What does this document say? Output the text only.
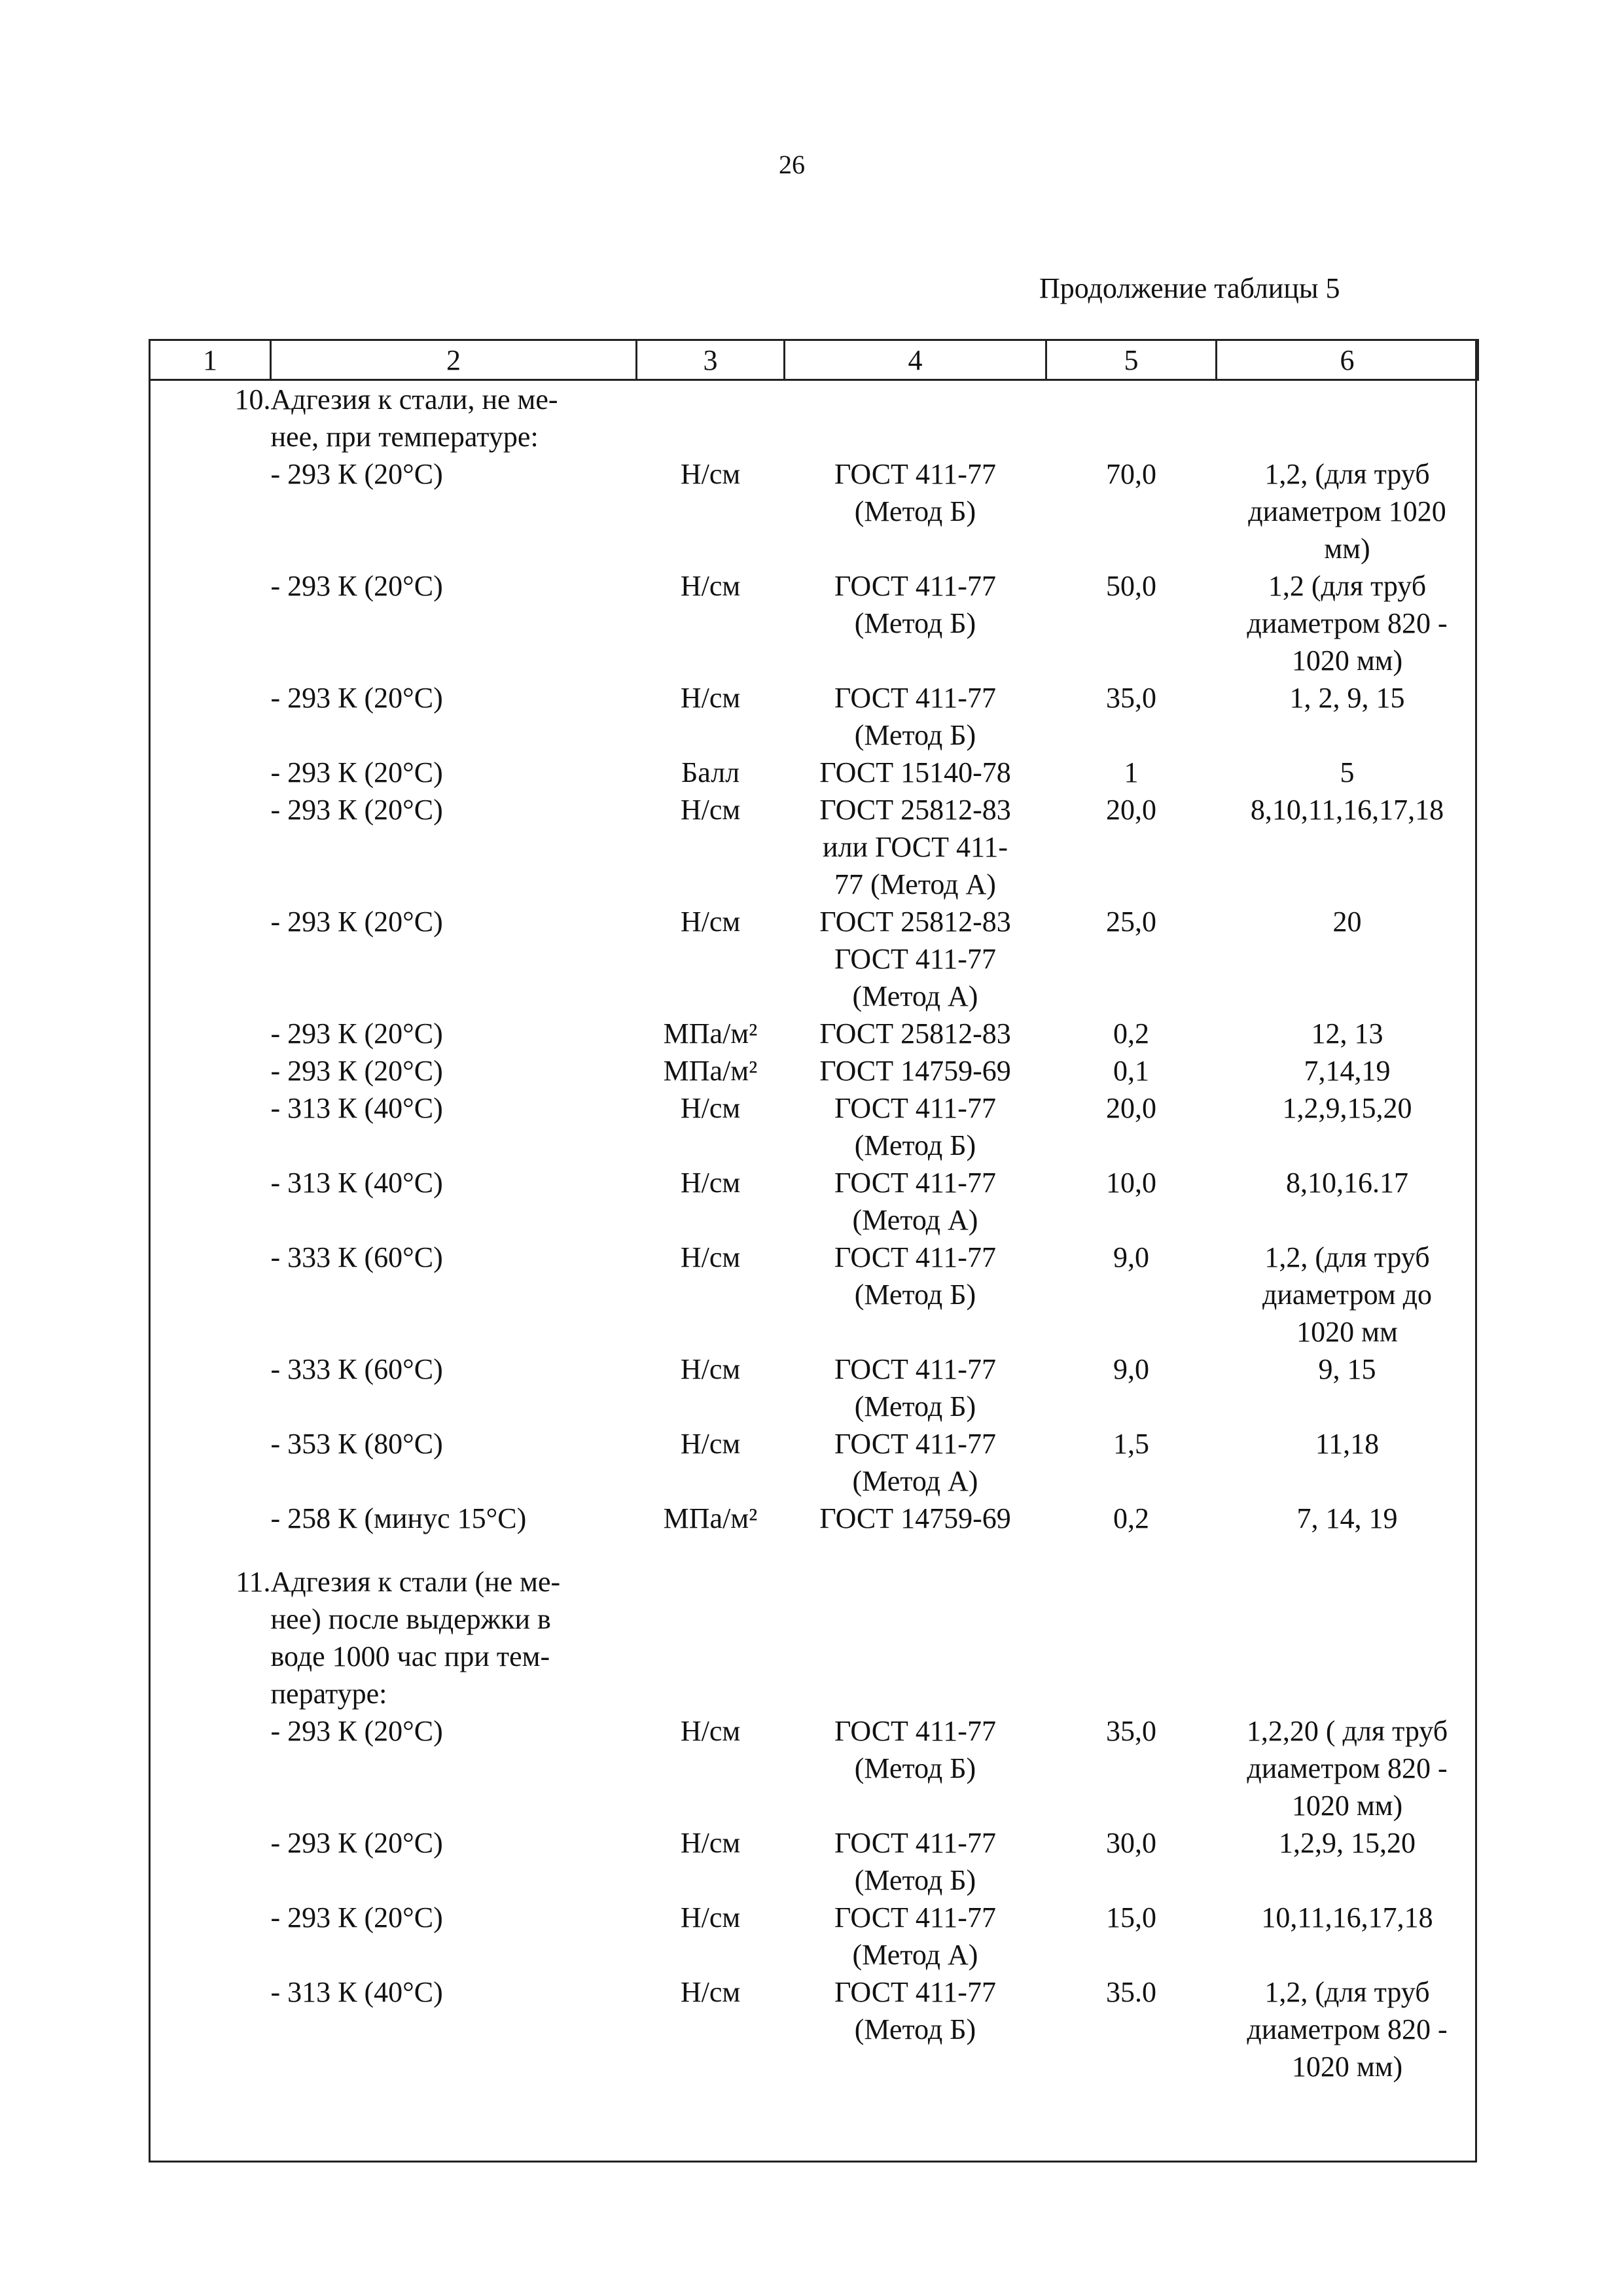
26
Продолжение таблицы 5
1	2	3	4	5	6

10.	Адгезия к стали, не ме-
нее, при температуре:				

	- 293 К (20°С)	Н/см	ГОСТ 411-77
(Метод Б)	70,0	1,2, (для труб
диаметром 1020
мм)

	- 293 К (20°С)	Н/см	ГОСТ 411-77
(Метод Б)	50,0	1,2 (для труб
диаметром 820 -
1020 мм)

	- 293 К (20°С)	Н/см	ГОСТ 411-77
(Метод Б)	35,0	1, 2, 9, 15

	- 293 К (20°С)	Балл	ГОСТ 15140-78	1	5

	- 293 К (20°С)	Н/см	ГОСТ 25812-83
или ГОСТ 411-
77 (Метод А)	20,0	8,10,11,16,17,18

	- 293 К (20°С)	Н/см	ГОСТ 25812-83
ГОСТ 411-77
(Метод А)	25,0	20

	- 293 К (20°С)	МПа/м²	ГОСТ 25812-83	0,2	12, 13

	- 293 К (20°С)	МПа/м²	ГОСТ 14759-69	0,1	7,14,19

	- 313 К (40°С)	Н/см	ГОСТ 411-77
(Метод Б)	20,0	1,2,9,15,20

	- 313 К (40°С)	Н/см	ГОСТ 411-77
(Метод А)	10,0	8,10,16.17

	- 333 К (60°С)	Н/см	ГОСТ 411-77
(Метод Б)	9,0	1,2, (для труб
диаметром до
1020 мм

	- 333 К (60°С)	Н/см	ГОСТ 411-77
(Метод Б)	9,0	9, 15

	- 353 К (80°С)	Н/см	ГОСТ 411-77
(Метод А)	1,5	11,18

	- 258 К (минус 15°С)	МПа/м²	ГОСТ 14759-69	0,2	7, 14, 19

11.	Адгезия к стали (не ме-
нее) после выдержки в
воде 1000 час при тем-
пературе:				

	- 293 К (20°С)	Н/см	ГОСТ 411-77
(Метод Б)	35,0	1,2,20 ( для труб
диаметром 820 -
1020 мм)

	- 293 К (20°С)	Н/см	ГОСТ 411-77
(Метод Б)	30,0	1,2,9, 15,20

	- 293 К (20°С)	Н/см	ГОСТ 411-77
(Метод А)	15,0	10,11,16,17,18

	- 313 К (40°С)	Н/см	ГОСТ 411-77
(Метод Б)	35.0	1,2, (для труб
диаметром 820 -
1020 мм)
